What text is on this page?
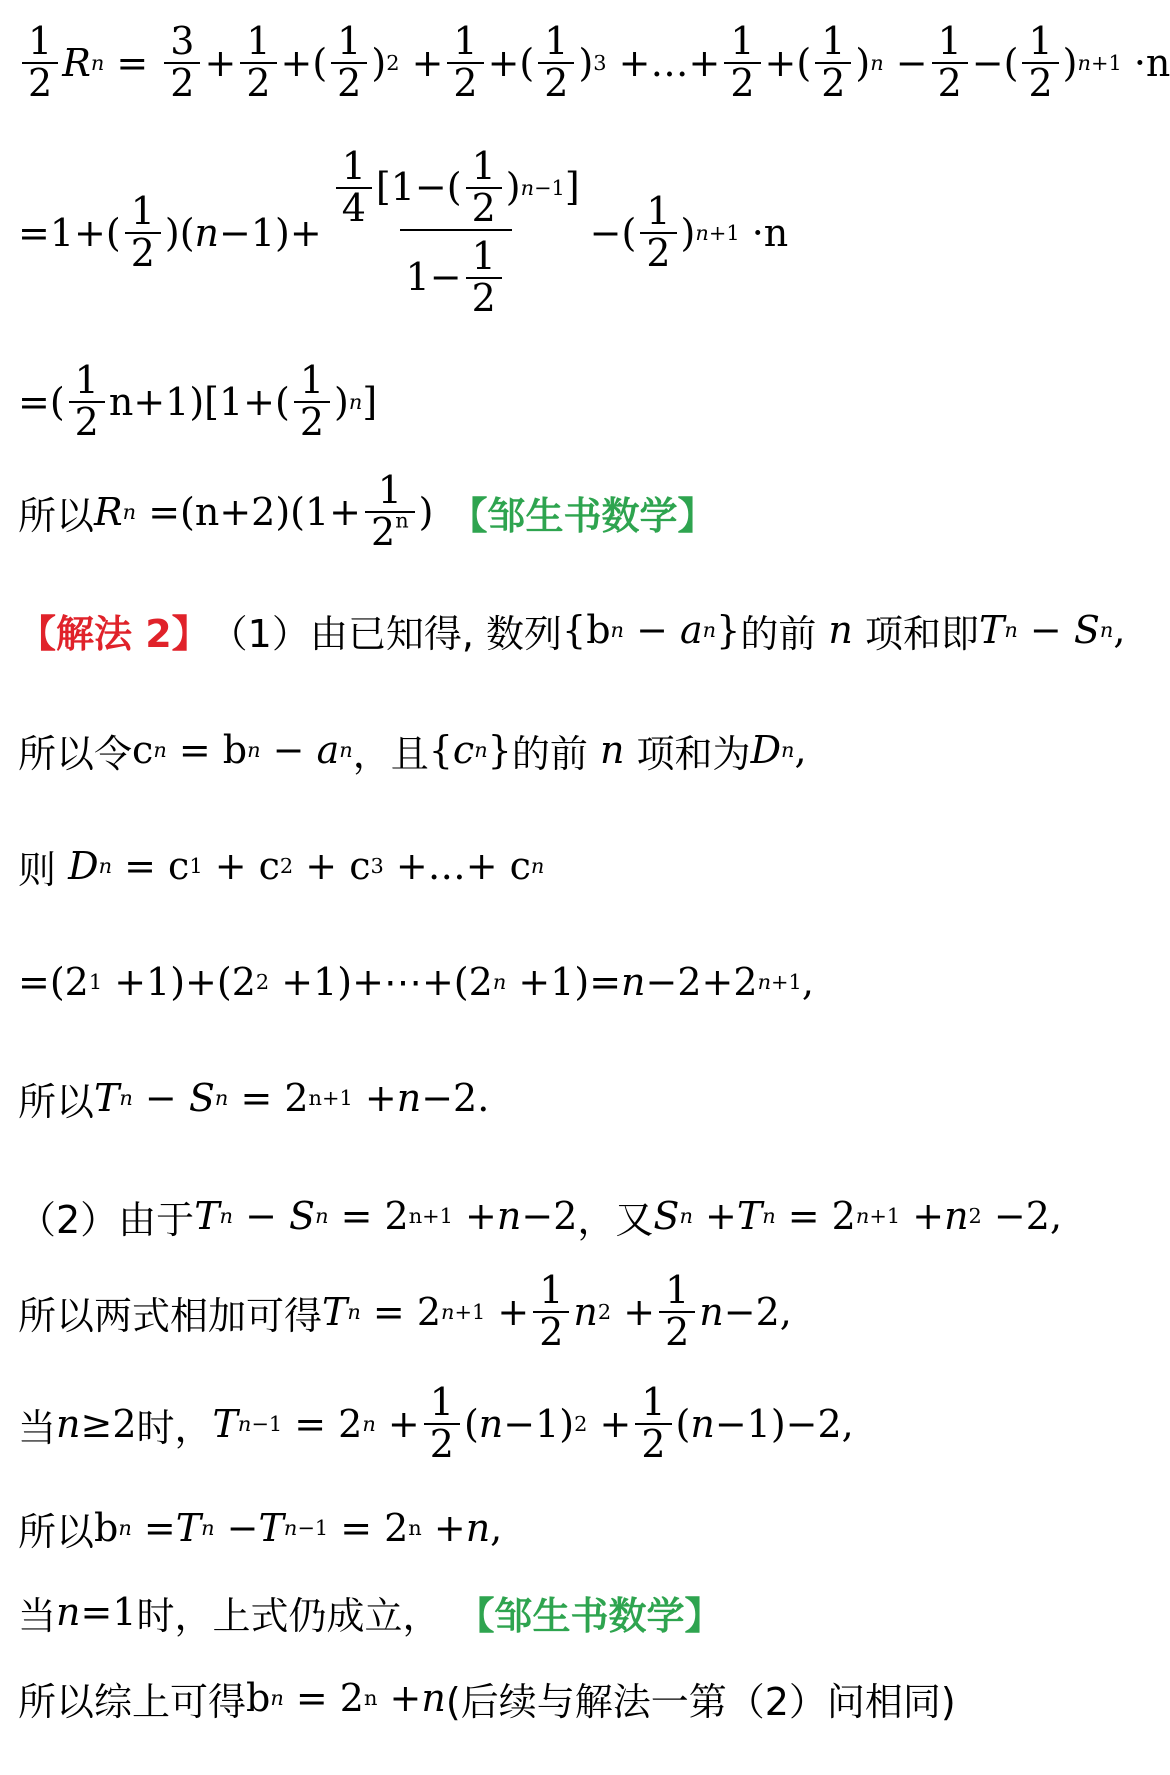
$\frac{1}{2}$ R $n = \frac{3}{2} + \frac{1}{2}$ +( $\frac{1}{2}$ ) $2 + \frac{1}{2}$ +( $\frac{1}{2}$ ) 3 +…+ $\frac{1}{2}$ +( $\frac{1}{2}$ ) $n - \frac{1}{2}$ −( $\frac{1}{2}$ ) n+1 ·n
$=1+( \frac{1}{2}$ )( $n -1)+ \frac{\frac{1}{4} [1-( \frac{1}{2} ) n-1 ]}{1- \frac{1}{2}}$ −( $\frac{1}{2}$ ) n+1 ·n
=( $\frac{1}{2} n+1)[1+( \frac{1}{2}$ ) n ]
所以 R $n =(n+2)(1+ \frac{1}{2^n}$ ) 【邹生书数学】
【解法 2】 （1）由已知得, 数列 {b n − a n } 的前
n
项和即 T n − S n ,
所以令 c n = b n − a n ，且 { c n } 的前
n
项和为 D n ,
则
D n = c 1 + c 2 + c 3 +…+ c n
=(2 1 +1)+(2 2 +1)+⋯+(2 n +1)= n −2+2 n+1 ,
所以 T n − S n = 2 n+1 + n −2.
（2）由于 T n − S n = 2 n+1 + n −2 ，又 S n + T n = 2 n+1 + n 2 −2,
所以两式相加可得 T n = 2 $n+1 + \frac{1}{2}$ n $2 + \frac{1}{2}$ n −2,
当 n ≥2 时， T n−1 = 2 $n + \frac{1}{2}$ ( n −1) $2 + \frac{1}{2}$ ( n −1)−2,
所以 b n = T n − T n−1 = 2 n + n ,
当 n =1 时，上式仍成立， 【邹生书数学】
所以综上可得 b n = 2 n + n (后续与解法一第（2）问相同)
